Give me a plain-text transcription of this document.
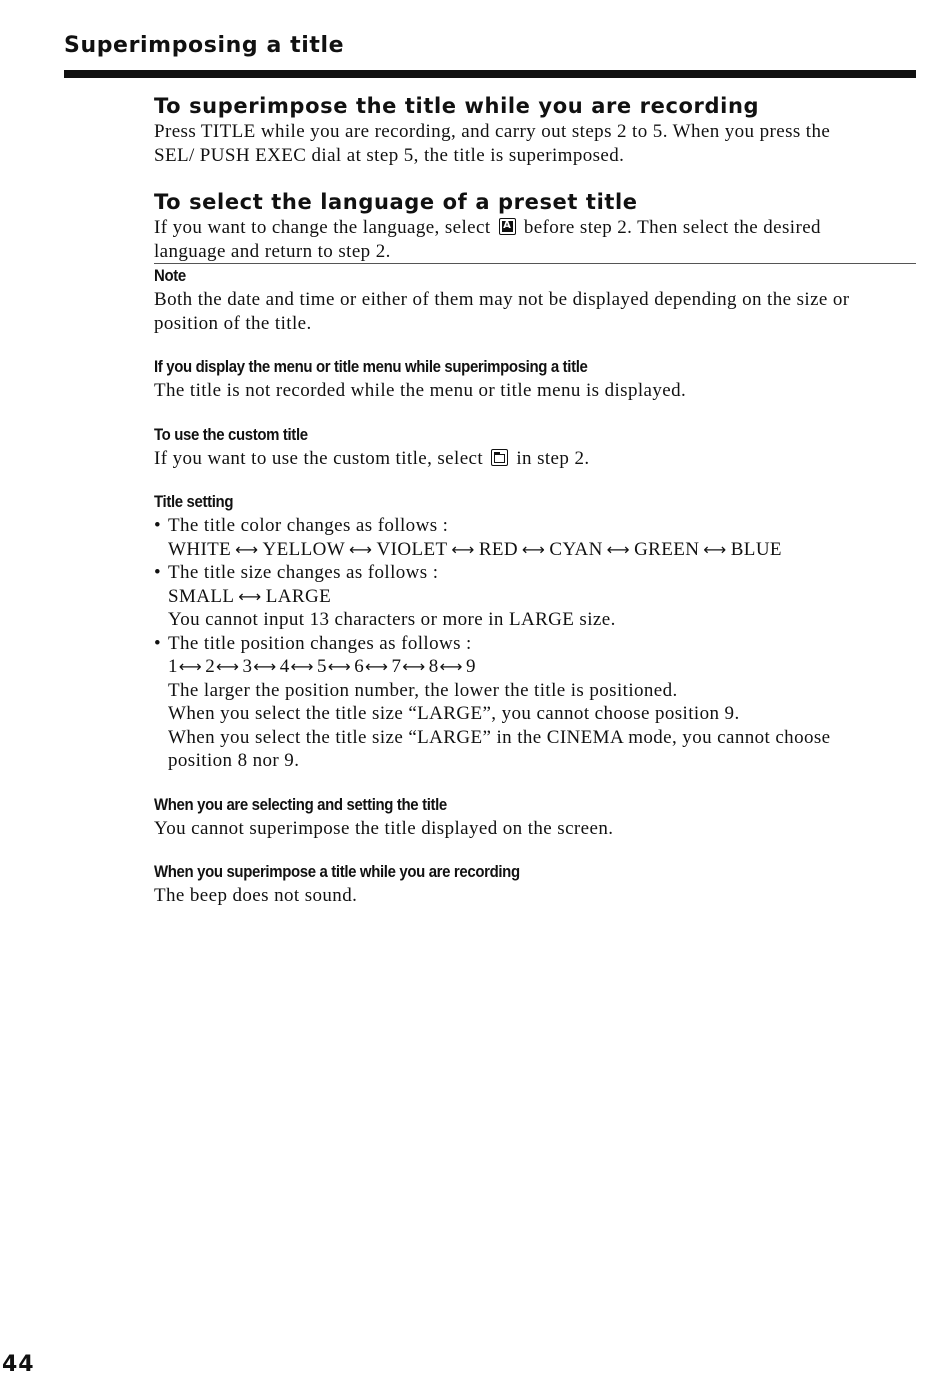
Superimposing a title
To superimpose the title while you are recording

Press TITLE while you are recording, and carry out steps 2 to 5. When you press the

SEL/ PUSH EXEC dial at step 5, the title is superimposed.

To select the language of a preset title

If you want to change the language, select A before step 2. Then select the desired

language and return to step 2.

Note

Both the date and time or either of them may not be displayed depending on the size or

position of the title.

If you display the menu or title menu while superimposing a title

The title is not recorded while the menu or title menu is displayed.

To use the custom title

If you want to use the custom title, select in step 2.

Title setting
• The title color changes as follows :
WHITE ⟷ YELLOW ⟷ VIOLET ⟷ RED ⟷ CYAN ⟷ GREEN ⟷ BLUE
• The title size changes as follows :
SMALL ⟷ LARGE
You cannot input 13 characters or more in LARGE size.
• The title position changes as follows :
1⟷ 2⟷ 3⟷ 4⟷ 5⟷ 6⟷ 7⟷ 8⟷ 9
The larger the position number, the lower the title is positioned.
When you select the title size “LARGE”, you cannot choose position 9.
When you select the title size “LARGE” in the CINEMA mode, you cannot choose
position 8 nor 9.
When you are selecting and setting the title

You cannot superimpose the title displayed on the screen.

When you superimpose a title while you are recording

The beep does not sound.

44
